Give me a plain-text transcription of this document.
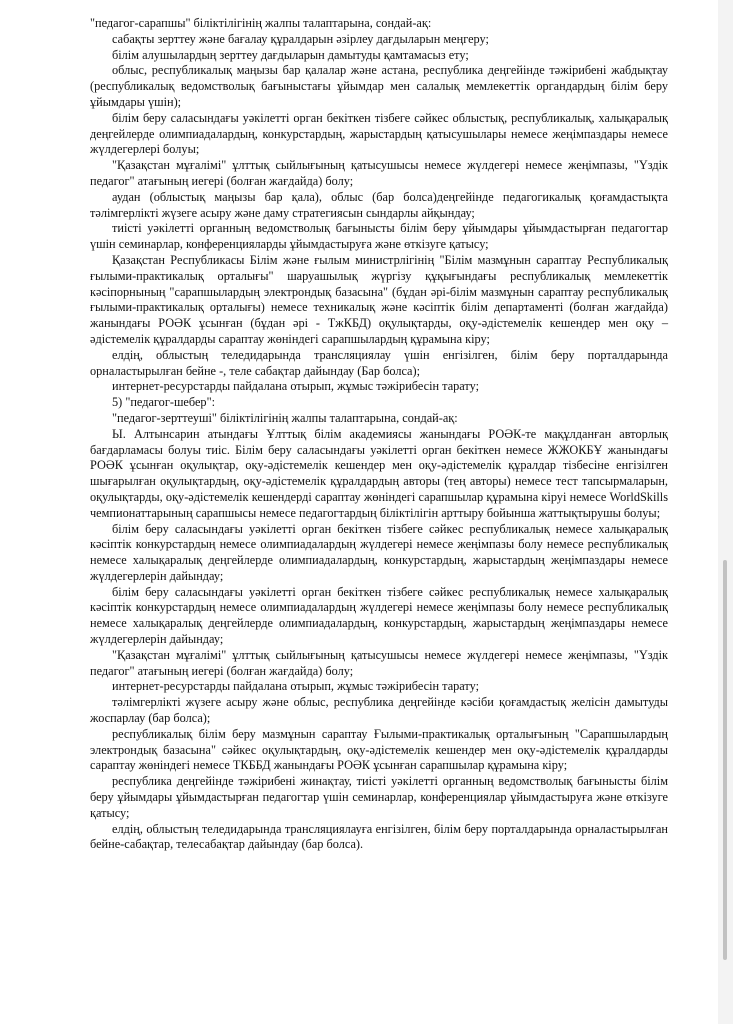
"педагог-сарапшы" біліктілігінің жалпы талаптарына, сондай-ақ:

сабақты зерттеу және бағалау құралдарын әзірлеу дағдыларын меңгеру;

білім алушылардың зерттеу дағдыларын дамытуды қамтамасыз ету;

облыс, республикалық маңызы бар қалалар және астана, республика деңгейінде тәжірибені жабдықтау (республикалық ведомстволық бағыныстағы ұйымдар мен салалық мемлекеттік органдардың білім беру ұйымдары үшін);

білім беру саласындағы уәкілетті орган бекіткен тізбеге сәйкес облыстық, республикалық, халықаралық деңгейлерде олимпиадалардың, конкурстардың, жарыстардың қатысушылары немесе жеңімпаздары немесе жүлдегерлері болуы;

"Қазақстан мұғалімі" ұлттық сыйлығының қатысушысы немесе жүлдегері немесе жеңімпазы, "Үздік педагог" атағының иегері (болған жағдайда) болу;

аудан (облыстық маңызы бар қала), облыс (бар болса)деңгейінде педагогикалық қоғамдастықта тәлімгерлікті жүзеге асыру және даму стратегиясын сындарлы айқындау;

тиісті уәкілетті органның ведомстволық бағынысты білім беру ұйымдары ұйымдастырған педагогтар үшін семинарлар, конференцияларды ұйымдастыруға және өткізуге қатысу;

Қазақстан Республикасы Білім және ғылым министрлігінің "Білім мазмұнын сараптау Республикалық ғылыми-практикалық орталығы" шаруашылық жүргізу құқығындағы республикалық мемлекеттік кәсіпорнының "сарапшылардың электрондық базасына" (бұдан әрі-білім мазмұнын сараптау республикалық ғылыми-практикалық орталығы) немесе техникалық және кәсіптік білім департаменті (болған жағдайда) жанындағы РОӘК ұсынған (бұдан әрі - ТжКБД) оқулықтарды, оқу-әдістемелік кешендер мен оқу – әдістемелік құралдарды сараптау жөніндегі сарапшылардың құрамына кіру;

елдің, облыстың теледидарында трансляциялау үшін енгізілген, білім беру порталдарында орналастырылған бейне -, теле сабақтар дайындау (Бар болса);

интернет-ресурстарды пайдалана отырып, жұмыс тәжірибесін тарату;

5) "педагог-шебер":

"педагог-зерттеуші" біліктілігінің жалпы талаптарына, сондай-ақ:

Ы. Алтынсарин атындағы Ұлттық білім академиясы жанындағы РОӘК-те мақұлданған авторлық бағдарламасы болуы тиіс. Білім беру саласындағы уәкілетті орган бекіткен немесе ЖЖОКБҰ жанындағы РОӘК ұсынған оқулықтар, оқу-әдістемелік кешендер мен оқу-әдістемелік құралдар тізбесіне енгізілген шығарылған оқулықтардың, оқу-әдістемелік құралдардың авторы (тең авторы) немесе тест тапсырмаларын, оқулықтарды, оқу-әдістемелік кешендерді сараптау жөніндегі сарапшылар құрамына кіруі немесе WorldSkills чемпионаттарының сарапшысы немесе педагогтардың біліктілігін арттыру бойынша жаттықтырушы болуы;

білім беру саласындағы уәкілетті орган бекіткен тізбеге сәйкес республикалық немесе халықаралық кәсіптік конкурстардың немесе олимпиадалардың жүлдегері немесе жеңімпазы болу немесе республикалық немесе халықаралық деңгейлерде олимпиадалардың, конкурстардың, жарыстардың жеңімпаздары немесе жүлдегерлерін дайындау;

білім беру саласындағы уәкілетті орган бекіткен тізбеге сәйкес республикалық немесе халықаралық кәсіптік конкурстардың немесе олимпиадалардың жүлдегері немесе жеңімпазы болу немесе республикалық немесе халықаралық деңгейлерде олимпиадалардың, конкурстардың, жарыстардың жеңімпаздары немесе жүлдегерлерін дайындау;

"Қазақстан мұғалімі" ұлттық сыйлығының қатысушысы немесе жүлдегері немесе жеңімпазы, "Үздік педагог" атағының иегері (болған жағдайда) болу;

интернет-ресурстарды пайдалана отырып, жұмыс тәжірибесін тарату;

тәлімгерлікті жүзеге асыру және облыс, республика деңгейінде кәсіби қоғамдастық желісін дамытуды жоспарлау (бар болса);

республикалық білім беру мазмұнын сараптау Ғылыми-практикалық орталығының "Сарапшылардың электрондық базасына" сәйкес оқулықтардың, оқу-әдістемелік кешендер мен оқу-әдістемелік құралдарды сараптау жөніндегі немесе ТКББД жанындағы РОӘК ұсынған сарапшылар құрамына кіру;

республика деңгейінде тәжірибені жинақтау, тиісті уәкілетті органның ведомстволық бағынысты білім беру ұйымдары ұйымдастырған педагогтар үшін семинарлар, конференциялар ұйымдастыруға және өткізуге қатысу;

елдің, облыстың теледидарында трансляциялауға енгізілген, білім беру порталдарында орналастырылған бейне-сабақтар, телесабақтар дайындау (бар болса).
